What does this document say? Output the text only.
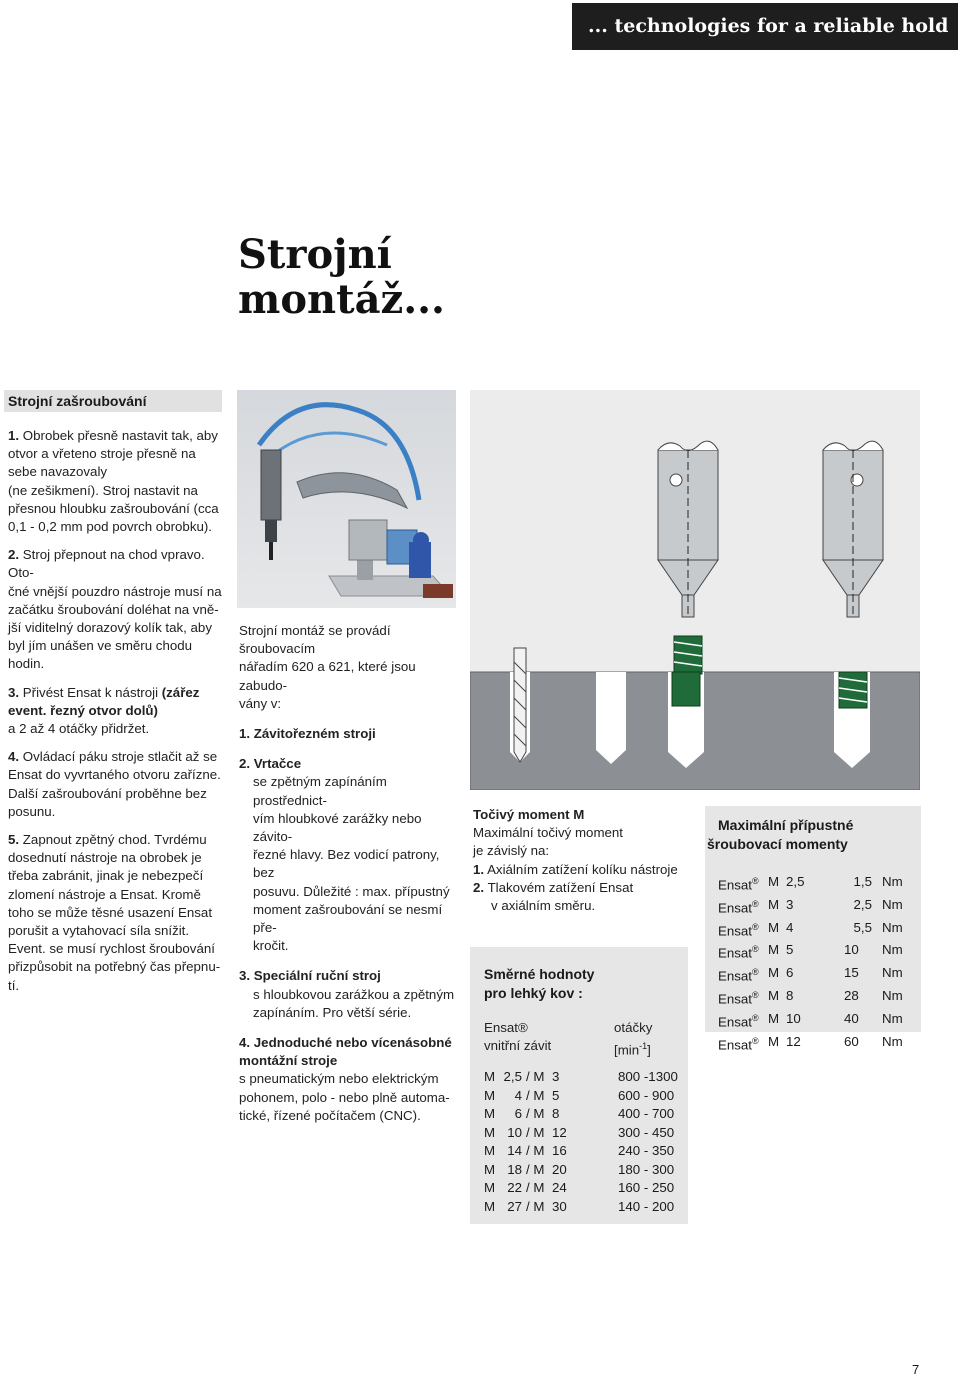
... technologies for a reliable hold
Strojní
montáž...
Strojní zašroubování
1. Obrobek přesně nastavit tak, aby
otvor a vřeteno stroje přesně na
sebe navazovaly
(ne zešikmení). Stroj nastavit na
přesnou hloubku zašroubování (cca
0,1 - 0,2 mm pod povrch obrobku).
2. Stroj přepnout na chod vpravo. Oto-
čné vnější pouzdro nástroje musí na
začátku šroubování doléhat na vně-
jší viditelný dorazový kolík tak, aby
byl jím unášen ve směru chodu
hodin.
3. Přivést Ensat k nástroji (zářez
event. řezný otvor dolů)
a 2 až 4 otáčky přidržet.
4. Ovládací páku stroje stlačit až se
Ensat do vyvrtaného otvoru zařízne.
Další zašroubování proběhne bez
posunu.
5. Zapnout zpětný chod. Tvrdému
dosednutí nástroje na obrobek je
třeba zabránit, jinak je nebezpečí
zlomení nástroje a Ensat. Kromě
toho se může těsné usazení Ensat
porušit a vytahovací síla snížit.
Event. se musí rychlost šroubování
přizpůsobit na potřebný čas přepnu-
tí.
Strojní montáž se provádí šroubovacím
nářadím 620 a 621, které jsou zabudo-
vány v:
1. Závitořezném stroji
2. Vrtačce
se zpětným zapínáním prostřednict-
vím hloubkové zarážky nebo závito-
řezné hlavy. Bez vodicí patrony, bez
posuvu. Důležité : max. přípustný
moment zašroubování se nesmí pře-
kročit.
3. Speciální ruční stroj
s hloubkovou zarážkou a zpětným
zapínáním. Pro větší série.
4. Jednoduché nebo vícenásobné
montážní stroje
s pneumatickým nebo elektrickým
pohonem, polo - nebo plně automa-
tické, řízené počítačem (CNC).
Točivý moment M
Maximální točivý moment
je závislý na:
1. Axiálním zatížení kolíku nástroje
2. Tlakovém zatížení Ensat
v axiálním směru.
Směrné hodnoty
pro lehký kov :
Ensat®
vnitřní závit
otáčky
$[\min^{-1}]$
M	2,5	/ M	3	800 -1300
M	4	/ M	5	600 - 900
M	6	/ M	8	400 - 700
M	10	/ M	12	300 - 450
M	14	/ M	16	240 - 350
M	18	/ M	20	180 - 300
M	22	/ M	24	160 - 250
M	27	/ M	30	140 - 200
Maximální přípustné
šroubovací momenty
Ensat®	M	2,5	1,5	Nm
Ensat®	M	3	2,5	Nm
Ensat®	M	4	5,5	Nm
Ensat®	M	5	10	Nm
Ensat®	M	6	15	Nm
Ensat®	M	8	28	Nm
Ensat®	M	10	40	Nm
Ensat®	M	12	60	Nm
7
